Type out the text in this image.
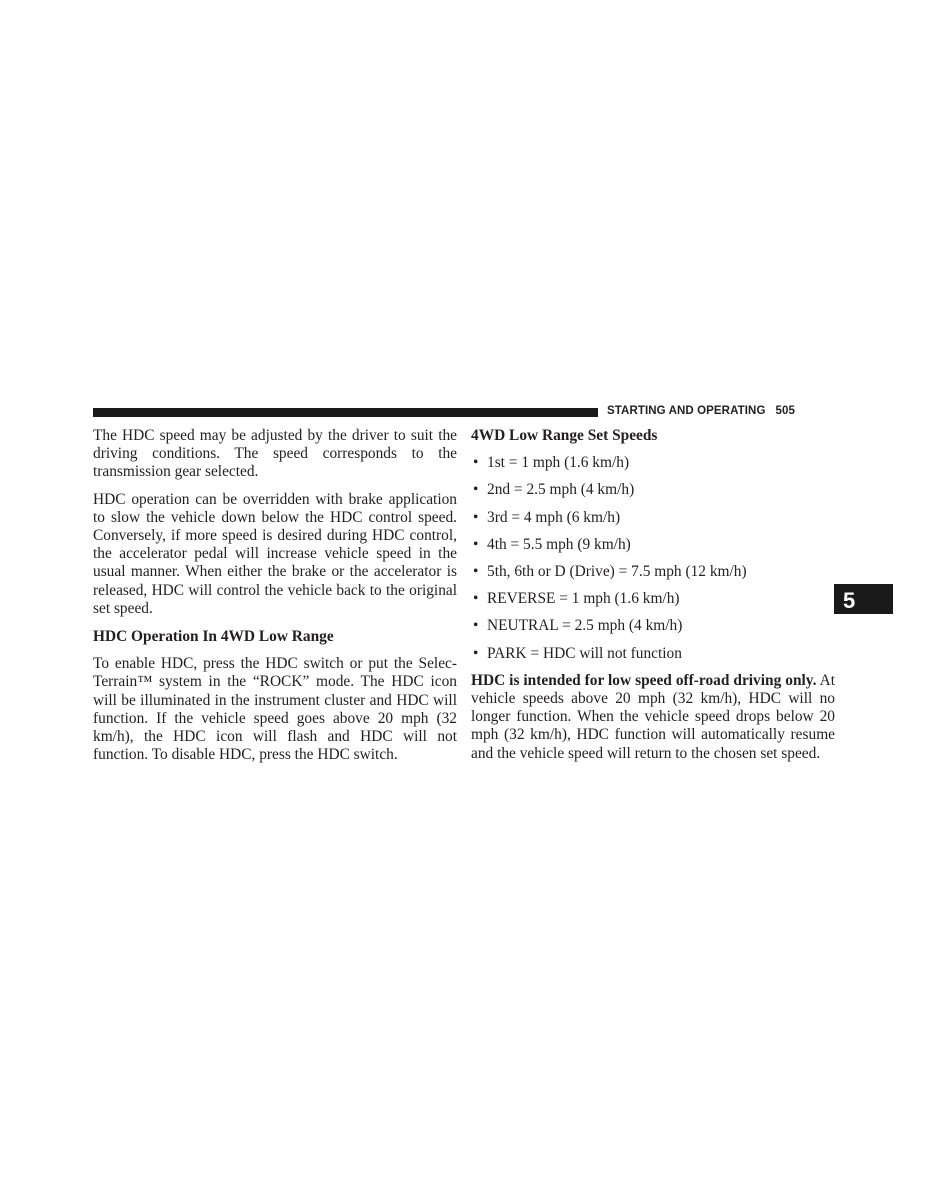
STARTING AND OPERATING 505

The HDC speed may be adjusted by the driver to suit the driving conditions. The speed corresponds to the transmission gear selected.

HDC operation can be overridden with brake application to slow the vehicle down below the HDC control speed. Conversely, if more speed is desired during HDC control, the accelerator pedal will increase vehicle speed in the usual manner. When either the brake or the accelerator is released, HDC will control the vehicle back to the original set speed.

HDC Operation In 4WD Low Range

To enable HDC, press the HDC switch or put the Selec-Terrain™ system in the “ROCK” mode. The HDC icon will be illuminated in the instrument cluster and HDC will function. If the vehicle speed goes above 20 mph (32 km/h), the HDC icon will flash and HDC will not function. To disable HDC, press the HDC switch.

4WD Low Range Set Speeds

• 1st = 1 mph (1.6 km/h)
• 2nd = 2.5 mph (4 km/h)
• 3rd = 4 mph (6 km/h)
• 4th = 5.5 mph (9 km/h)
• 5th, 6th or D (Drive) = 7.5 mph (12 km/h)
• REVERSE = 1 mph (1.6 km/h)
• NEUTRAL = 2.5 mph (4 km/h)
• PARK = HDC will not function

HDC is intended for low speed off-road driving only. At vehicle speeds above 20 mph (32 km/h), HDC will no longer function. When the vehicle speed drops below 20 mph (32 km/h), HDC function will automatically resume and the vehicle speed will return to the chosen set speed.

5
